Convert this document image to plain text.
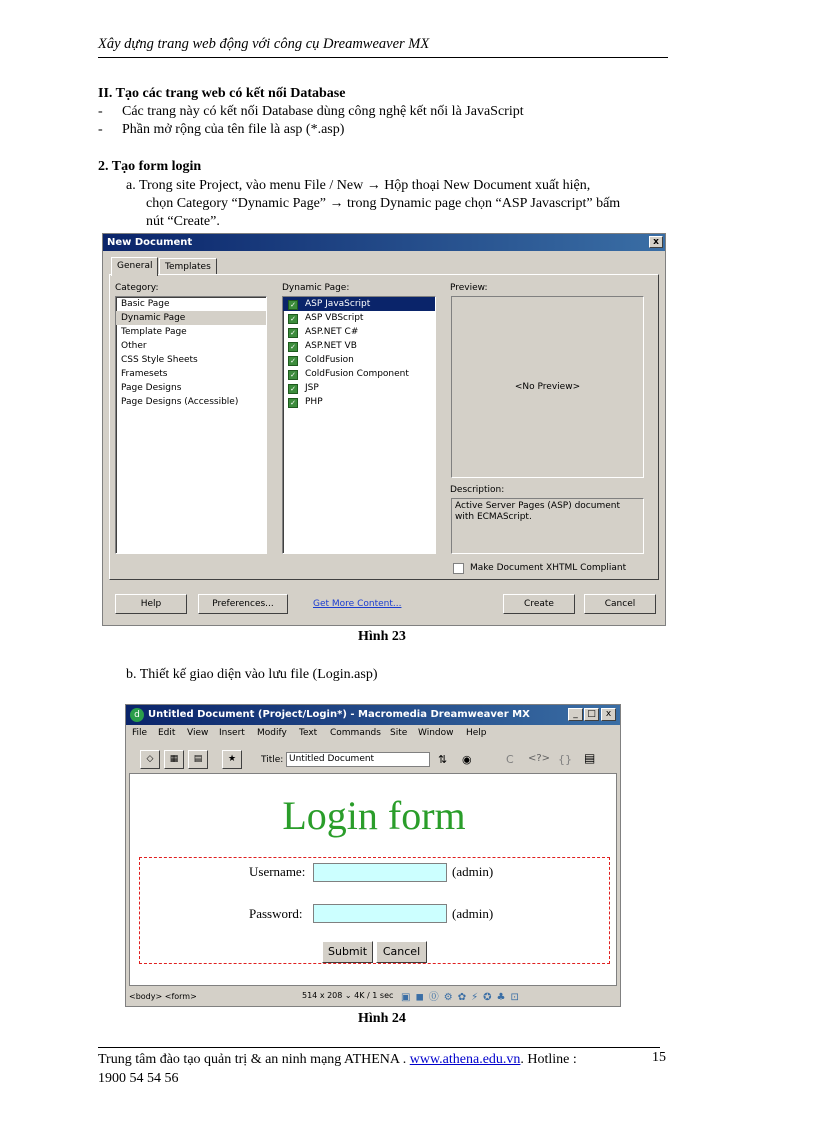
Xây dựng trang web động với công cụ Dreamweaver MX
II. Tạo các trang web có kết nối Database
- Các trang này có kết nối Database dùng công nghệ kết nối là JavaScript
- Phần mở rộng của tên file là asp (*.asp)
2. Tạo form login
a. Trong site Project, vào menu File / New → Hộp thoại New Document xuất hiện,
chọn Category “Dynamic Page” → trong Dynamic page chọn “ASP Javascript” bấm
nút “Create”.
New Document	x
General	Templates
Category:
Basic Page
Dynamic Page
Template Page
Other
CSS Style Sheets
Framesets
Page Designs
Page Designs (Accessible)
Dynamic Page:
✓ ASP JavaScript
✓ ASP VBScript
✓ ASP.NET C#
✓ ASP.NET VB
✓ ColdFusion
✓ ColdFusion Component
✓ JSP
✓ PHP
Preview:
<No Preview>
Description:
Active Server Pages (ASP) document with ECMAScript.
Make Document XHTML Compliant
Help	Preferences...	Get More Content...	Create	Cancel
Hình 23
b. Thiết kế giao diện vào lưu file (Login.asp)
Untitled Document (Project/Login*) - Macromedia Dreamweaver MX
d	_	□	x
File Edit View Insert Modify Text Commands Site Window Help
◇	▦	▤	★	Title: Untitled Document	⇅ ◉	C <?> {} ▤
Login form
Username:	(admin)
Password:	(admin)
Submit	Cancel
<body> <form>	514 x 208 ⌄ 4K / 1 sec ▣◼⓪⚙✿⚡✪♣⊡
Hình 24
Trung tâm đào tạo quản trị & an ninh mạng ATHENA . www.athena.edu.vn. Hotline :
1900 54 54 56
15
